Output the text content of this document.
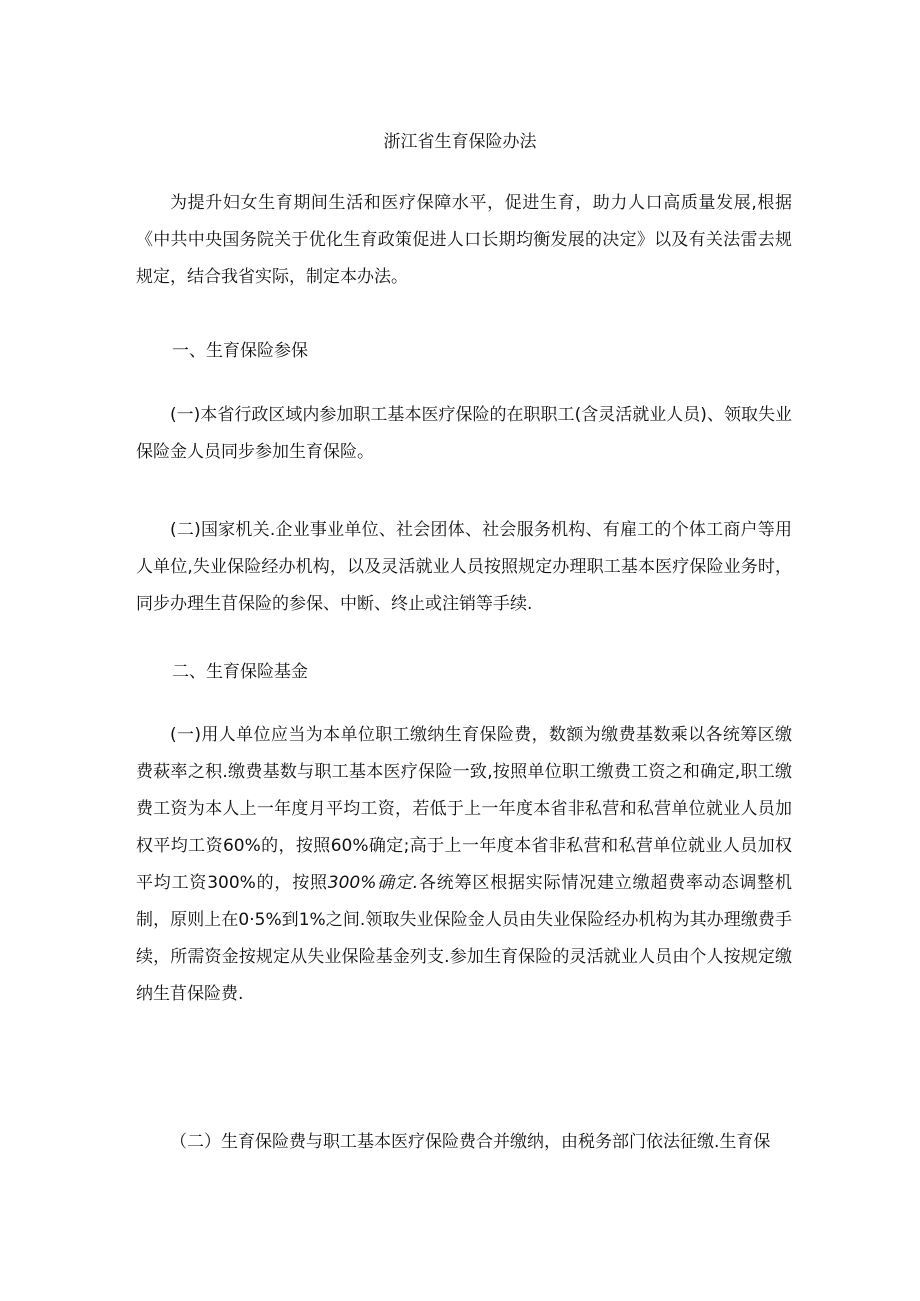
浙江省生育保险办法

为提升妇女生育期间生活和医疗保障水平，促进生育，助力人口高质量发展,根据《中共中央国务院关于优化生育政策促进人口长期均衡发展的决定》以及有关法雷去规规定，结合我省实际，制定本办法。

一、生育保险参保

(一)本省行政区域内参加职工基本医疗保险的在职职工(含灵活就业人员)、领取失业保险金人员同步参加生育保险。

(二)国家机关.企业事业单位、社会团体、社会服务机构、有雇工的个体工商户等用人单位,失业保险经办机构，以及灵活就业人员按照规定办理职工基本医疗保险业务时，同步办理生苜保险的参保、中断、终止或注销等手续.

二、生育保险基金

(一)用人单位应当为本单位职工缴纳生育保险费，数额为缴费基数乘以各统筹区缴费萩率之积.缴费基数与职工基本医疗保险一致,按照单位职工缴费工资之和确定,职工缴费工资为本人上一年度月平均工资，若低于上一年度本省非私营和私营单位就业人员加权平均工资60%的，按照60%确定;高于上一年度本省非私营和私营单位就业人员加权平均工资300%的，按照300%确定.各统筹区根据实际情况建立缴超费率动态调整机制，原则上在0·5%到1%之间.领取失业保险金人员由失业保险经办机构为其办理缴费手续，所需资金按规定从失业保险基金列支.参加生育保险的灵活就业人员由个人按规定缴纳生苜保险费.

（二）生育保险费与职工基本医疗保险费合并缴纳，由税务部门依法征缴.生育保
